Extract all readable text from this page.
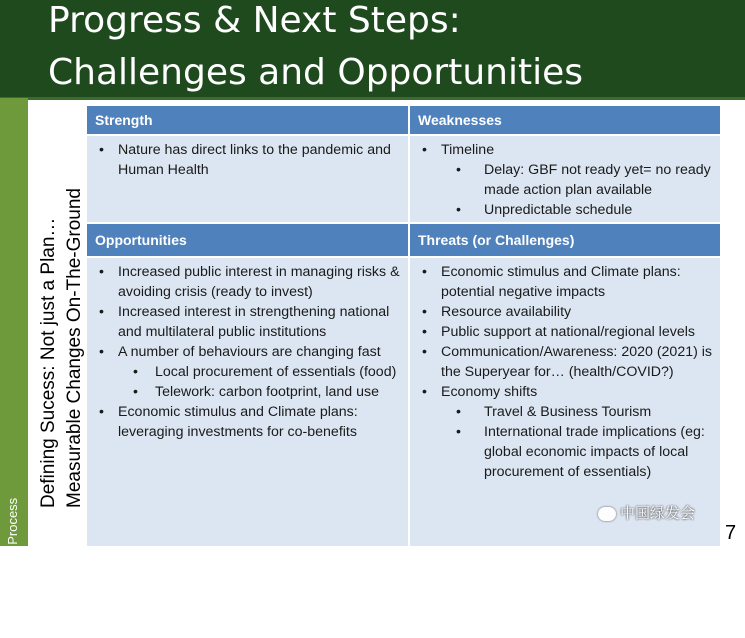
Progress & Next Steps:
Challenges and Opportunities
CBD Post 2020 Process
Defining Sucess: Not just a Plan… Measurable Changes On-The-Ground
Strength	Weaknesses
• Nature has direct links to the pandemic and Human Health
• Timeline
• Delay: GBF not ready yet= no ready made action plan available
• Unpredictable schedule
Opportunities	Threats (or Challenges)
• Increased public interest in managing risks & avoiding crisis (ready to invest)
• Increased interest in strengthening national and multilateral public institutions
• A number of behaviours are changing fast
• Local procurement of essentials (food)
• Telework: carbon footprint, land use
• Economic stimulus and Climate plans: leveraging investments for co-benefits
• Economic stimulus and Climate plans: potential negative impacts
• Resource availability
• Public support at national/regional levels
• Communication/Awareness: 2020 (2021) is the Superyear for… (health/COVID?)
• Economy shifts
• Travel & Business Tourism
• International trade implications (eg: global economic impacts of local procurement of essentials)
中国绿发会
7
